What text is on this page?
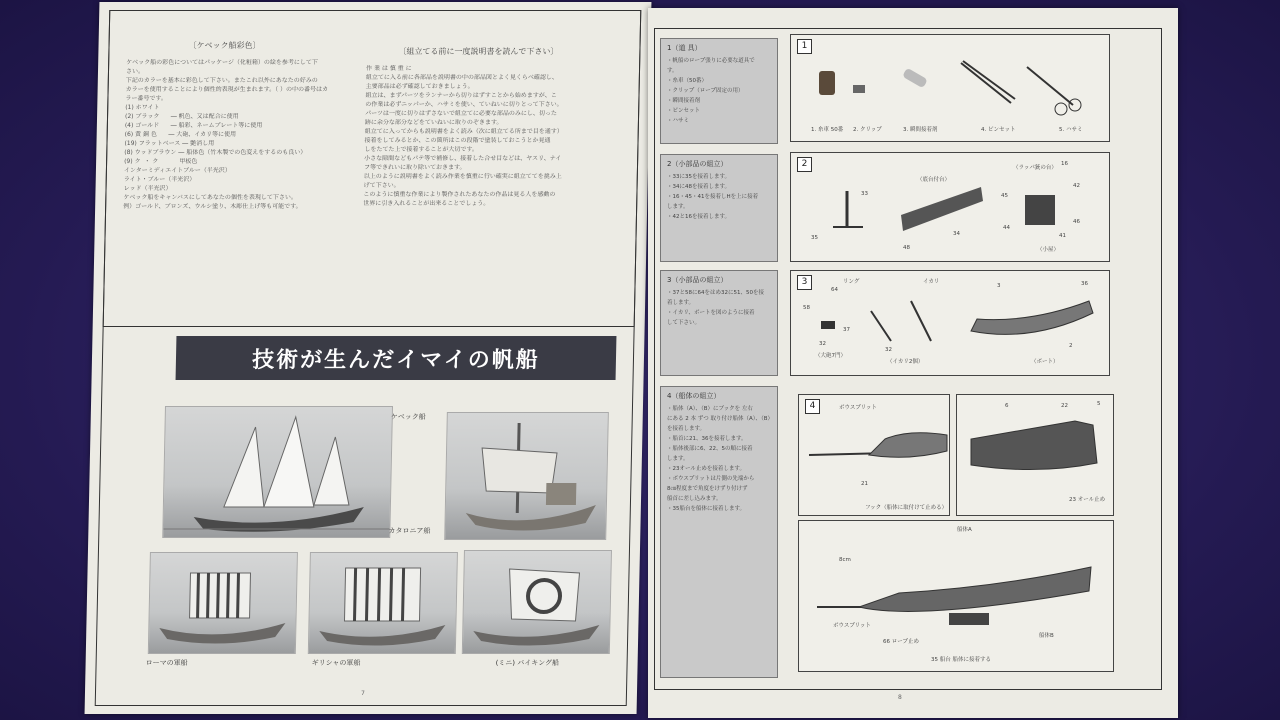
〔ケベック船彩色〕
ケベック船の彩色についてはパッケージ（化粧箱）の絵を参考にして下
さい。
下記のカラーを基本に彩色して下さい。またこれ以外にあなたの好みの
カラーを使用することにより個性的表現が生まれます。（ ）の中の番号はカ
ラー番号です。
(1) ホワイト
(2) ブラック      ― 帆色、又は配合に使用
(4) ゴールド      ― 船彩、ネームプレート等に使用
(6) 黄 銅 色      ― 大砲、イカリ等に使用
(19) フラットベース ― 艶消し用
(8) ウッドブラウン ― 船体色（竹木製での色変えをするのも良い）
(9) ク  ・ ク           甲板色
インターミディエイトブルー（半光沢）
ライト・ブルー（半光沢）
レッド（半光沢）
ケベック船をキャンバスにしてあなたの個性を表現して下さい。
例）ゴールド、ブロンズ、ウルシ塗り、木彫仕上げ等も可能です。
〔組立てる前に一度説明書を読んで下さい〕
作 業 は 慎 重 に
組立てに入る前に各部品を説明書の中の部品図とよく見くらべ確認し、
主要部品は必ず確認しておきましょう。
組立は、まずパーツをランナーから切りはずすことから始めますが、こ
の作業は必ずニッパーか、ハサミを使い、ていねいに切りとって下さい。
パーツは一度に切りはずさないで組立てに必要な部品のみにし、切った
跡に余分な部分などをていねいに取りのぞきます。
組立てに入ってからも説明書をよく読み（次に組立てる所まで目を通す）
接着をしてみるとか、この箇所はこの段階で塗装しておこうとか見通
しをたてた上で接着することが大切です。
小さな隙間などもパテ等で補修し、接着した合せ目などは、ヤスリ、ナイ
フ等できれいに取り除いておきます。
以上のように説明書をよく読み作業を慎重に行い確実に組立ててを挑み上
げて下さい。
このように慎重な作業により製作されたあなたの作品は見る人を感動の
世界に引き入れることが出来ることでしょう。
技術が生んだイマイの帆船
ケベック船
カタロニア船
ローマの軍船	ギリシャの軍船	(ミニ) バイキング船
7
1（道 具）
・帆船のロープ張りに必要な道具で
す。
・糸車（50番）
・クリップ（ロープ固定の用）
・瞬間接着剤
・ピンセット
・ハサミ
2（小部品の組立）
・33に35を接着します。
・34に48を接着します。
・16・45・41を接着しHを上に接着
します。
・42と16を接着します。
3（小部品の組立）
・37と58に64をはめ32に51、50を接
着します。
・イカリ、ボートを図のように接着
して下さい。
4（船体の組立）
・船体（A）、（B）にブックを 左右
にある 2 本 ずつ 取り付け船体（A）、（B）
を接着します。
・船首に21、36を接着します。
・船体後部に6、22、5の順に接着
します。
・23オール止めを接着します。
・ボウスプリットは片側の先端から
8㎝程度まで角度をけずり付けず
船首に差し込みます。
・35船台を船体に接着します。
1
1. 糸車 50番 2. クリップ	3. 瞬間接着剤	4. ピンセット	5. ハサミ
2
33
35
（底台付台）
34
48
（ラッパ銃の台）
16
42
45
44
46
41
（小屋）
3
64
58
37
32
（大砲7門）
リング	イカリ
32
（イカリ2個）
3	36
2
（ボート）
4	ボウスプリット
21
フック（船体に取付けて止める）
6	22	5
23 オール止め
船体A
8cm
ボウスプリット
船体B
66 ロープ止め
35 船台 船体に接着する
8
